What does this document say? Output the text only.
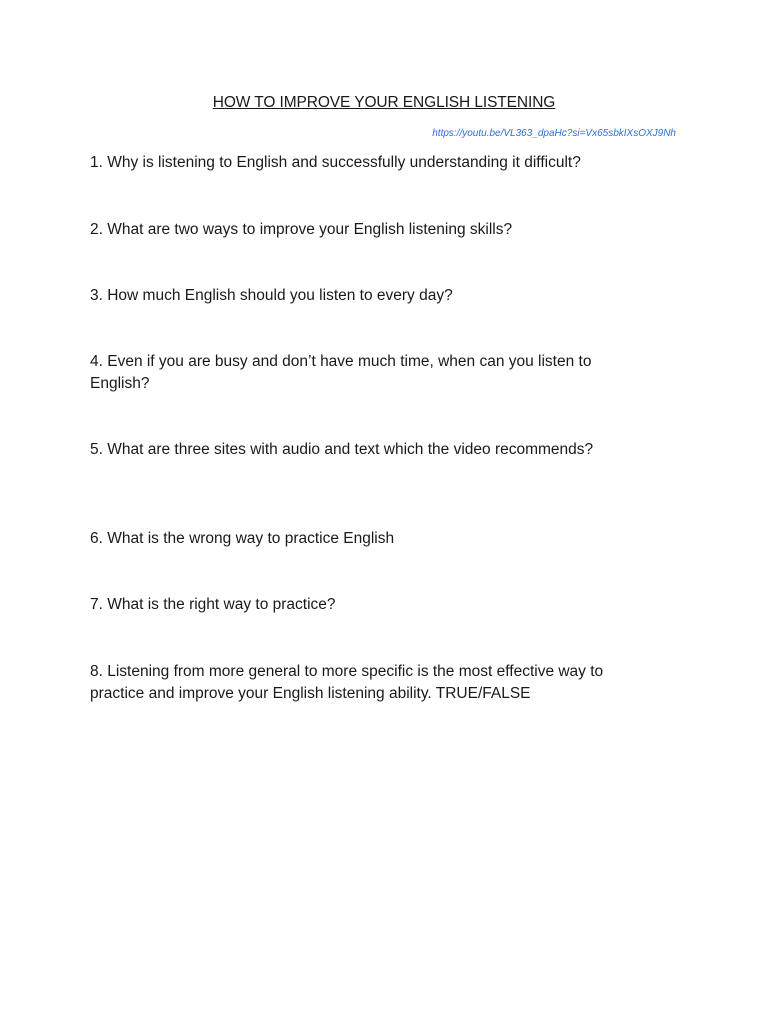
HOW TO IMPROVE YOUR ENGLISH LISTENING
https://youtu.be/VL363_dpaHc?si=Vx65sbkIXsOXJ9Nh

1. Why is listening to English and successfully understanding it difficult?

2. What are two ways to improve your English listening skills?

3. How much English should you listen to every day?

4. Even if you are busy and don’t have much time, when can you listen to English?

5. What are three sites with audio and text which the video recommends?

6. What is the wrong way to practice English

7. What is the right way to practice?

8. Listening from more general to more specific is the most effective way to practice and improve your English listening ability. TRUE/FALSE
